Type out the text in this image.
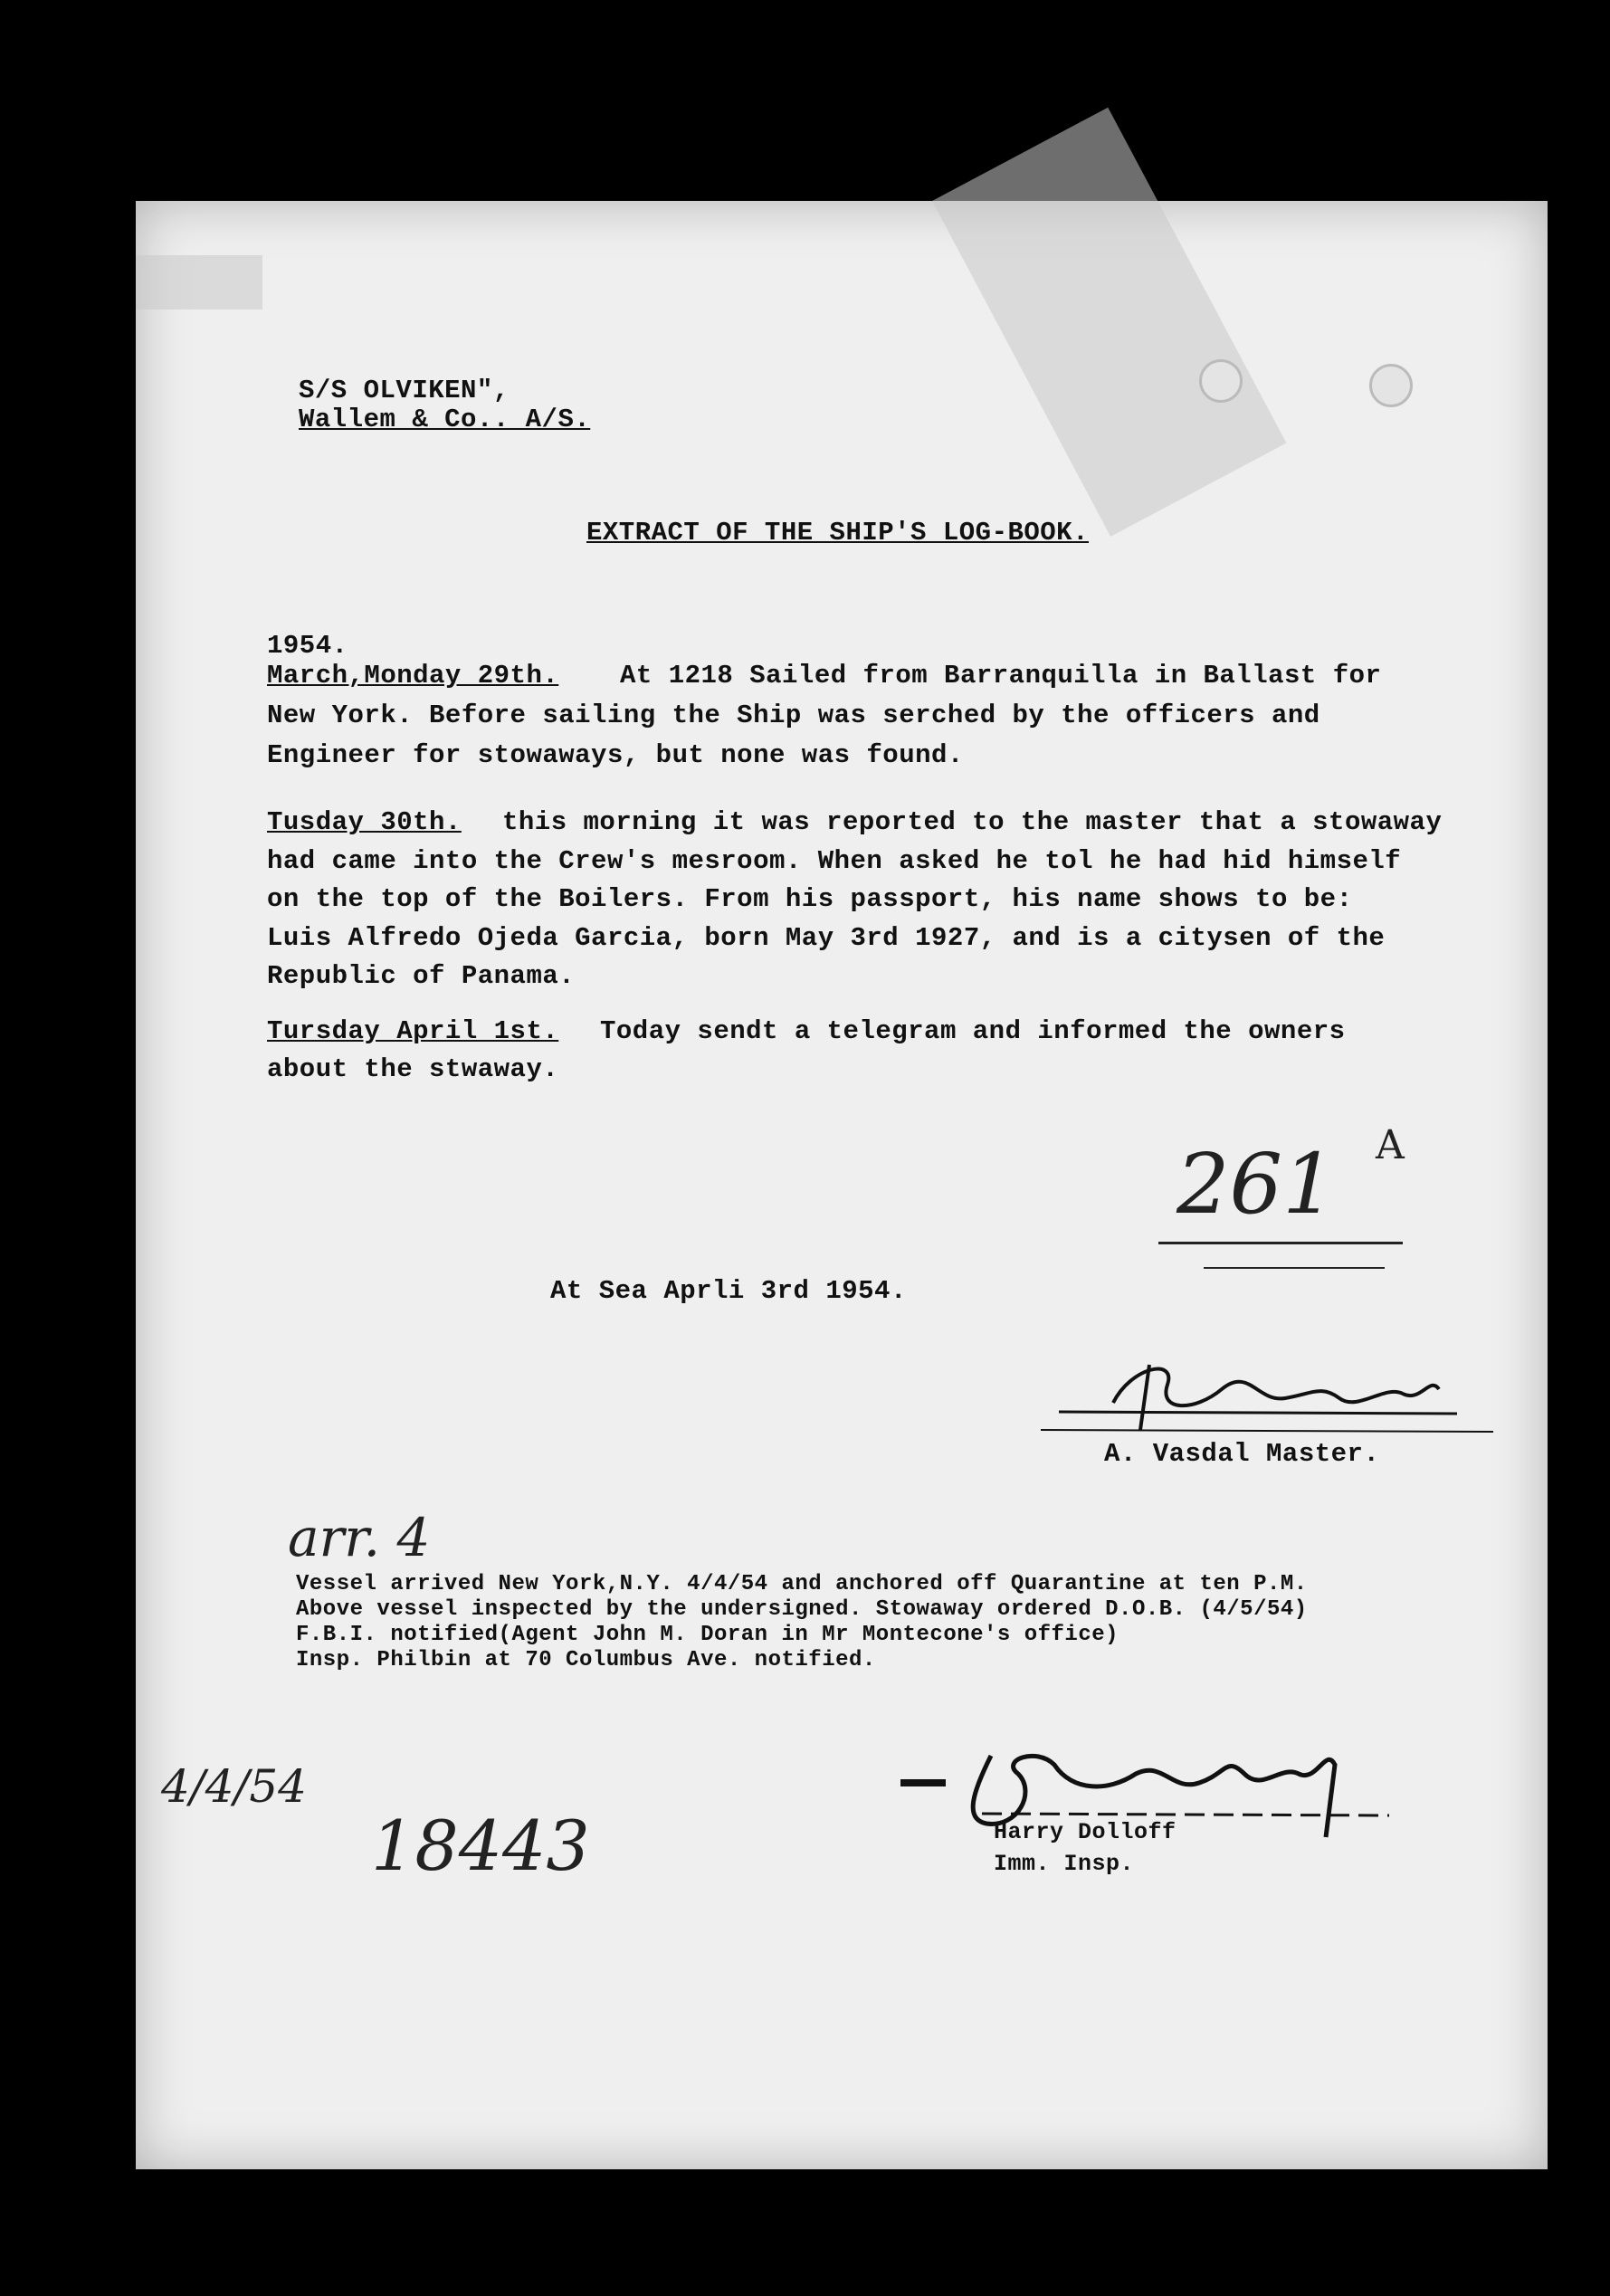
S/S OLVIKEN",
Wallem & Co.. A/S.
EXTRACT OF THE SHIP'S LOG-BOOK.
1954.
March,Monday 29th. At 1218 Sailed from Barranquilla in Ballast for
New York. Before sailing the Ship was serched by the officers and
Engineer for stowaways, but none was found.
Tusday 30th. this morning it was reported to the master that a stowaway
had came into the Crew's mesroom. When asked he tol he had hid himself
on the top of the Boilers. From his passport, his name shows to be:
Luis Alfredo Ojeda Garcia, born May 3rd 1927, and is a citysen of the
Republic of Panama.
Tursday April 1st. Today sendt a telegram and informed the owners
about the stwaway.
261 A
At Sea Aprli 3rd 1954.
A. Vasdal Master.
arr. 4
Vessel arrived New York,N.Y. 4/4/54 and anchored off Quarantine at ten P.M.
Above vessel inspected by the undersigned. Stowaway ordered D.O.B. (4/5/54)
F.B.I. notified(Agent John M. Doran in Mr Montecone's office)
Insp. Philbin at 70 Columbus Ave. notified.
4/4/54
18443	Harry Dolloff
Imm. Insp.
